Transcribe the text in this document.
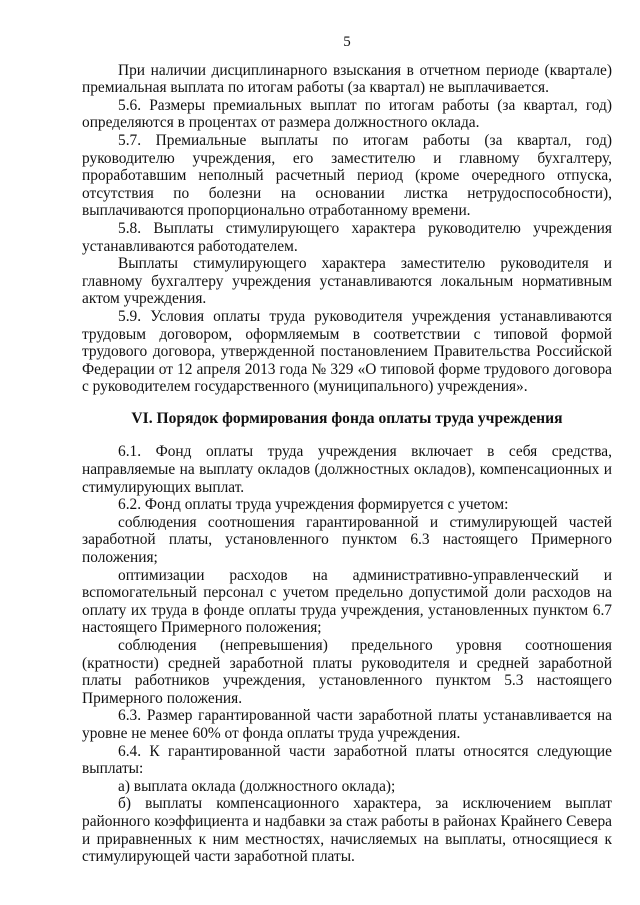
5

При наличии дисциплинарного взыскания в отчетном периоде (квартале) премиальная выплата по итогам работы (за квартал) не выплачивается.

5.6. Размеры премиальных выплат по итогам работы (за квартал, год) определяются в процентах от размера должностного оклада.

5.7. Премиальные выплаты по итогам работы (за квартал, год) руководителю учреждения, его заместителю и главному бухгалтеру, проработавшим неполный расчетный период (кроме очередного отпуска, отсутствия по болезни на основании листка нетрудоспособности), выплачиваются пропорционально отработанному времени.

5.8. Выплаты стимулирующего характера руководителю учреждения устанавливаются работодателем.

Выплаты стимулирующего характера заместителю руководителя и главному бухгалтеру учреждения устанавливаются локальным нормативным актом учреждения.

5.9. Условия оплаты труда руководителя учреждения устанавливаются трудовым договором, оформляемым в соответствии с типовой формой трудового договора, утвержденной постановлением Правительства Российской Федерации от 12 апреля 2013 года № 329 «О типовой форме трудового договора с руководителем государственного (муниципального) учреждения».

VI. Порядок формирования фонда оплаты труда учреждения

6.1. Фонд оплаты труда учреждения включает в себя средства, направляемые на выплату окладов (должностных окладов), компенсационных и стимулирующих выплат.

6.2. Фонд оплаты труда учреждения формируется с учетом:

соблюдения соотношения гарантированной и стимулирующей частей заработной платы, установленного пунктом 6.3 настоящего Примерного положения;

оптимизации расходов на административно-управленческий и вспомогательный персонал с учетом предельно допустимой доли расходов на оплату их труда в фонде оплаты труда учреждения, установленных пунктом 6.7 настоящего Примерного положения;

соблюдения (непревышения) предельного уровня соотношения (кратности) средней заработной платы руководителя и средней заработной платы работников учреждения, установленного пунктом 5.3 настоящего Примерного положения.

6.3. Размер гарантированной части заработной платы устанавливается на уровне не менее 60% от фонда оплаты труда учреждения.

6.4. К гарантированной части заработной платы относятся следующие выплаты:

а) выплата оклада (должностного оклада);

б) выплаты компенсационного характера, за исключением выплат районного коэффициента и надбавки за стаж работы в районах Крайнего Севера и приравненных к ним местностях, начисляемых на выплаты, относящиеся к стимулирующей части заработной платы.
